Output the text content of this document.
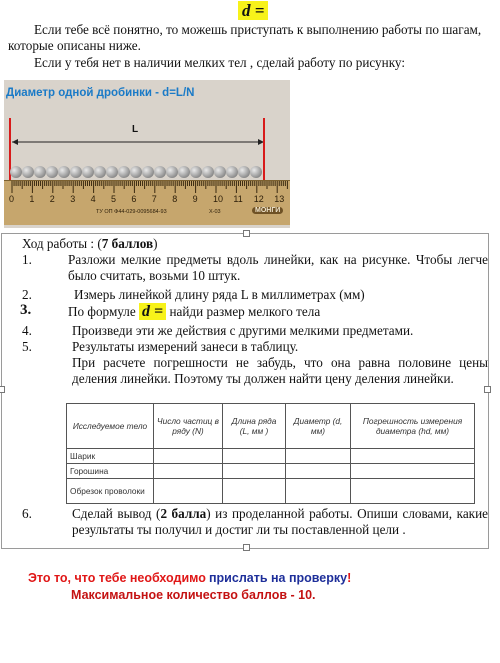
d =
Если тебе всё понятно, то можешь приступать к выполнению работы по шагам, которые описаны ниже.
Если у тебя нет в наличии мелких тел , сделай работу по рисунку:
Диаметр одной дробинки - d=L/N
L
0 1 2 3 4 5 6 7 8 9 10 11 12 13
ТУ ОП Ф44-029-0095684-93	Х-03	МОНГИ
Ход работы : (7 баллов)
1.	Разложи мелкие предметы вдоль линейки, как на рисунке. Чтобы легче было считать, возьми 10 штук.
2.	Измерь линейкой длину ряда L в миллиметрах (мм)
3.	По формуле d = найди размер мелкого тела
4.	Произведи эти же действия с другими мелкими предметами.
5.	Результаты измерений занеси в таблицу.
При расчете погрешности не забудь, что она равна половине цены деления линейки. Поэтому ты должен найти цену деления линейки.
Исследуемое тело	Число частиц в ряду (N)	Длина ряда (L, мм )	Диаметр (d, мм)	Погрешность измерения диаметра (hd, мм)
Шарик				
Горошина				
Обрезок проволоки				
6.	Сделай вывод (2 балла) из проделанной работы. Опиши словами, какие результаты ты получил и достиг ли ты поставленной цели .
Это то, что тебе необходимо прислать на проверку!
Максимальное количество баллов - 10.
